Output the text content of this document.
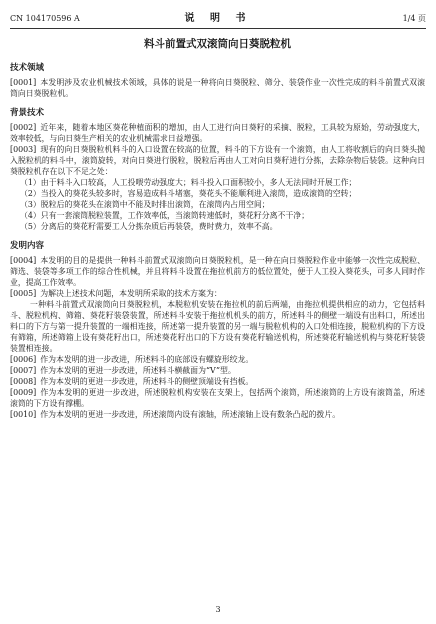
CN 104170596 A	说 明 书	1/4 页
料斗前置式双滚筒向日葵脱粒机
技术领域

[0001] 本发明涉及农业机械技术领域，具体的说是一种将向日葵脱粒、筛分、装袋作业一次性完成的料斗前置式双滚筒向日葵脱粒机。

背景技术

[0002] 近年来，随着本地区葵花种植面积的增加，由人工进行向日葵籽的采摘、脱粒，工具较为原始，劳动强度大，效率较低，与向日葵生产相关的农业机械需求日益增强。

[0003] 现有的向日葵脱粒机料斗的入口设置在较高的位置，料斗的下方设有一个滚筒，由人工将收割后的向日葵头抛入脱粒机的料斗中，滚筒旋转，对向日葵进行脱粒，脱粒后再由人工对向日葵籽进行分拣，去除杂物后装袋。这种向日葵脱粒机存在以下不足之处：

（1）由于料斗入口较高，人工投喂劳动强度大；料斗投入口面积较小，多人无法同时开展工作；

（2）当投入的葵花头较多时，容易造成料斗堵塞，葵花头不能顺利进入滚筒，造成滚筒的空转；

（3）脱粒后的葵花头在滚筒中不能及时排出滚筒，在滚筒内占用空间；

（4）只有一套滚筒脱粒装置，工作效率低，当滚筒转速低时，葵花籽分离不干净；

（5）分离后的葵花籽需要工人分拣杂质后再装袋，费时费力，效率不高。

发明内容

[0004] 本发明的目的是提供一种料斗前置式双滚筒向日葵脱粒机，是一种在向日葵脱粒作业中能够一次性完成脱粒、筛选、装袋等多项工作的综合性机械，并且将料斗设置在拖拉机前方的低位置处，便于人工投入葵花头，可多人同时作业，提高工作效率。

[0005] 为解决上述技术问题，本发明所采取的技术方案为：

一种料斗前置式双滚筒向日葵脱粒机，本脱粒机安装在拖拉机的前后两端，由拖拉机提供相应的动力，它包括料斗、脱粒机构、筛箱、葵花籽装袋装置，所述料斗安装于拖拉机机头的前方，所述料斗的侧壁一端设有出料口，所述出料口的下方与第一提升装置的一端相连接，所述第一提升装置的另一端与脱粒机构的入口处相连接，脱粒机构的下方设有筛箱，所述筛箱上设有葵花籽出口，所述葵花籽出口的下方设有葵花籽输送机构，所述葵花籽输送机构与葵花籽装袋装置相连接。

[0006] 作为本发明的进一步改进，所述料斗的底部设有螺旋形绞龙。

[0007] 作为本发明的更进一步改进，所述料斗横截面为“V”型。

[0008] 作为本发明的更进一步改进，所述料斗的侧壁顶端设有挡板。

[0009] 作为本发明的更进一步改进，所述脱粒机构安装在支架上，包括两个滚筒，所述滚筒的上方设有滚筒盖，所述滚筒的下方设有撑棚。

[0010] 作为本发明的更进一步改进，所述滚筒内设有滚轴，所述滚轴上设有数条凸起的拨片。

3
